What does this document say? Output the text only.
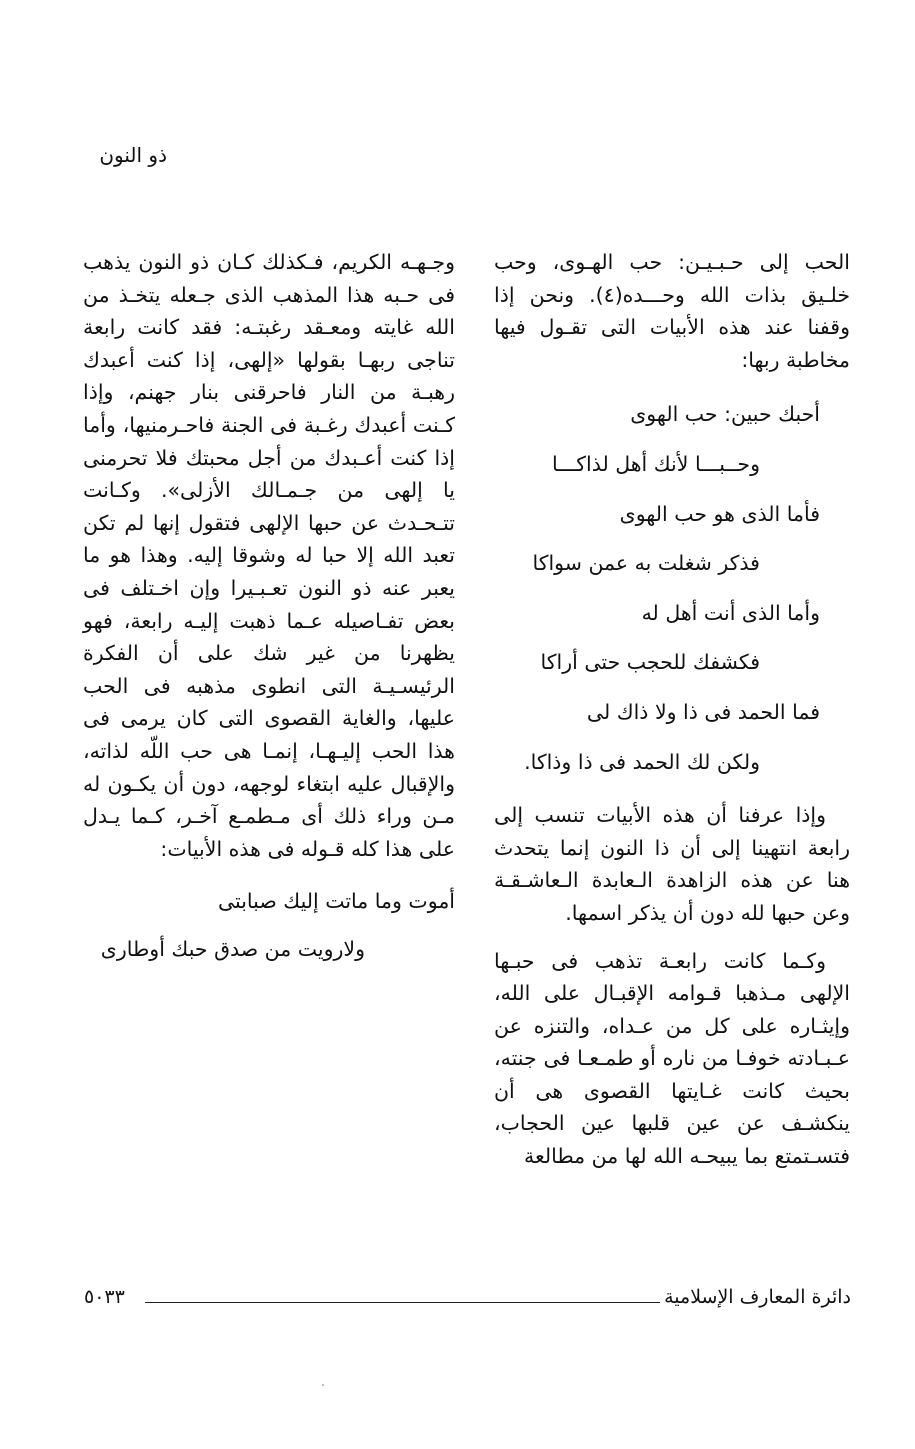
ذو النون

الحب إلى حـبـيـن: حب الهـوى، وحب خلـيق بذات الله وحـــده(٤). ونحن إذا وقفنا عند هذه الأبيات التى تقـول فيها مخاطبة ربها:

أحبك حبين: حب الهوى
وحــبـــا لأنك أهل لذاكـــا
فأما الذى هو حب الهوى
فذكر شغلت به عمن سواكا
وأما الذى أنت أهل له
فكشفك للحجب حتى أراكا
فما الحمد فى ذا ولا ذاك لى
ولكن لك الحمد فى ذا وذاكا.

وإذا عرفنا أن هذه الأبيات تنسب إلى رابعة انتهينا إلى أن ذا النون إنما يتحدث هنا عن هذه الزاهدة الـعابدة الـعاشـقـة وعن حبها لله دون أن يذكر اسمها.

وكـما كانت رابعـة تذهب فى حبـها الإلهى مـذهبا قـوامه الإقبـال على الله، وإيثـاره على كل من عـداه، والتنزه عن عـبـادته خوفـا من ناره أو طمـعـا فى جنته، بحيث كانت غـايتها القصوى هى أن ينكشـف عن عين قلبها عين الحجاب، فتسـتمتع بما يبيحـه الله لها من مطالعة

وجـهـه الكريم، فـكذلك كـان ذو النون يذهب فى حـبه هذا المذهب الذى جـعله يتخـذ من الله غايته ومعـقد رغبتـه: فقد كانت رابعة تناجى ربهـا بقولها «إلهى، إذا كنت أعبدك رهبـة من النار فاحرقنى بنار جهنم، وإذا كـنت أعبدك رغـبة فى الجنة فاحـرمنيها، وأما إذا كنت أعـبدك من أجل محبتك فلا تحرمنى يا إلهى من جـمـالك الأزلى». وكـانت تتـحـدث عن حبها الإلهى فتقول إنها لم تكن تعبد الله إلا حبا له وشوقا إليه. وهذا هو ما يعبر عنه ذو النون تعـبـيرا وإن اخـتلف فى بعض تفـاصيله عـما ذهبت إليـه رابعة، فهو يظهرنا من غير شك على أن الفكرة الرئيسـيـة التى انطوى مذهبه فى الحب عليها، والغاية القصوى التى كان يرمى فى هذا الحب إليـهـا، إنمـا هى حب اللّه لذاته، والإقبال عليه ابتغاء لوجهه، دون أن يكـون له مـن وراء ذلك أى مـطمـع آخـر، كـما يـدل على هذا كله قـوله فى هذه الأبيات:

أموت وما ماتت إليك صبابتى
ولارويت من صدق حبك أوطارى
دائرة المعارف الإسلامية
٥٠٣٣
